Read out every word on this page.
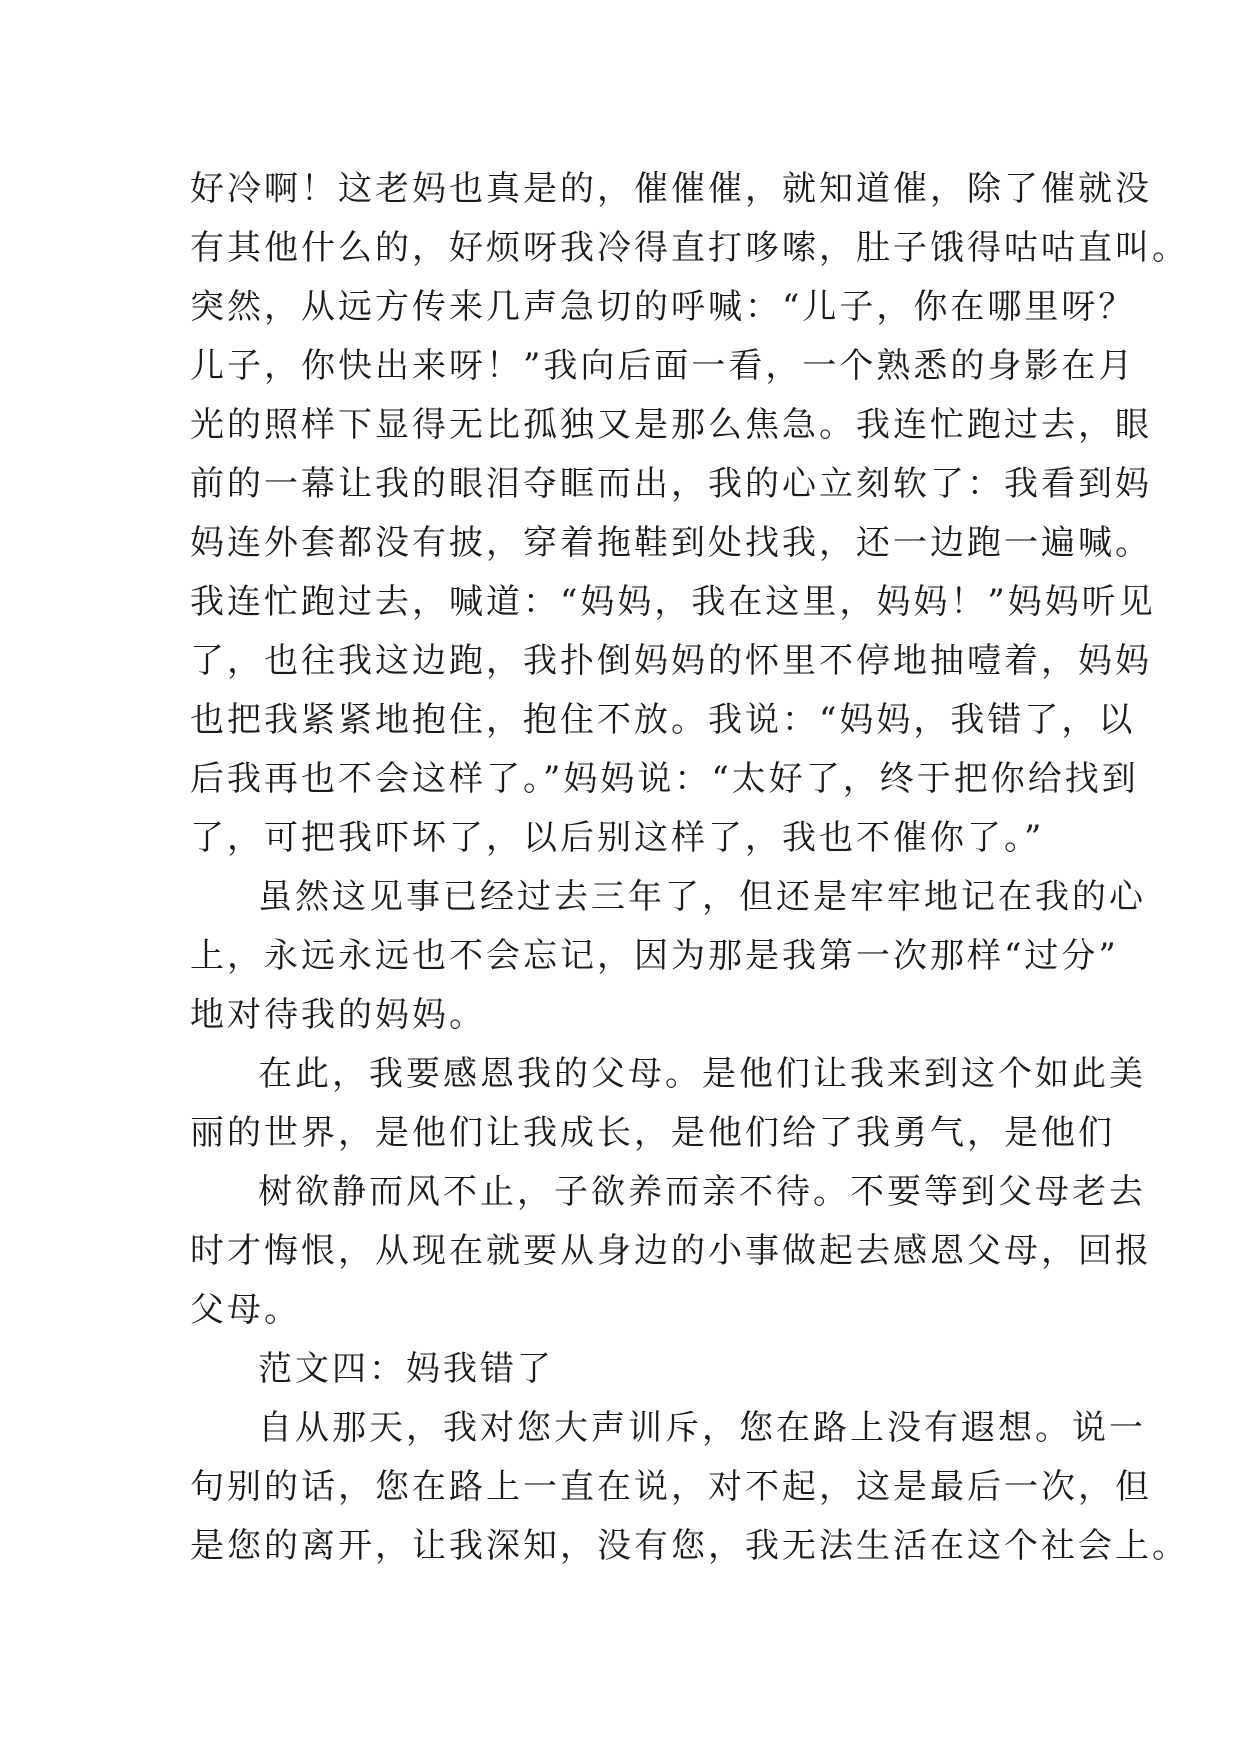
好冷啊！这老妈也真是的，催催催，就知道催，除了催就没
有其他什么的，好烦呀我冷得直打哆嗦，肚子饿得咕咕直叫。
突然，从远方传来几声急切的呼喊：“儿子，你在哪里呀？
儿子，你快出来呀！”我向后面一看，一个熟悉的身影在月
光的照样下显得无比孤独又是那么焦急。我连忙跑过去，眼
前的一幕让我的眼泪夺眶而出，我的心立刻软了：我看到妈
妈连外套都没有披，穿着拖鞋到处找我，还一边跑一遍喊。
我连忙跑过去，喊道：“妈妈，我在这里，妈妈！”妈妈听见
了，也往我这边跑，我扑倒妈妈的怀里不停地抽噎着，妈妈
也把我紧紧地抱住，抱住不放。我说：“妈妈，我错了，以
后我再也不会这样了。”妈妈说：“太好了，终于把你给找到
了，可把我吓坏了，以后别这样了，我也不催你了。”
虽然这见事已经过去三年了，但还是牢牢地记在我的心
上，永远永远也不会忘记，因为那是我第一次那样“过分”
地对待我的妈妈。
在此，我要感恩我的父母。是他们让我来到这个如此美
丽的世界，是他们让我成长，是他们给了我勇气，是他们
树欲静而风不止，子欲养而亲不待。不要等到父母老去
时才悔恨，从现在就要从身边的小事做起去感恩父母，回报
父母。
范文四：妈我错了
自从那天，我对您大声训斥，您在路上没有遐想。说一
句别的话，您在路上一直在说，对不起，这是最后一次，但
是您的离开，让我深知，没有您，我无法生活在这个社会上。
